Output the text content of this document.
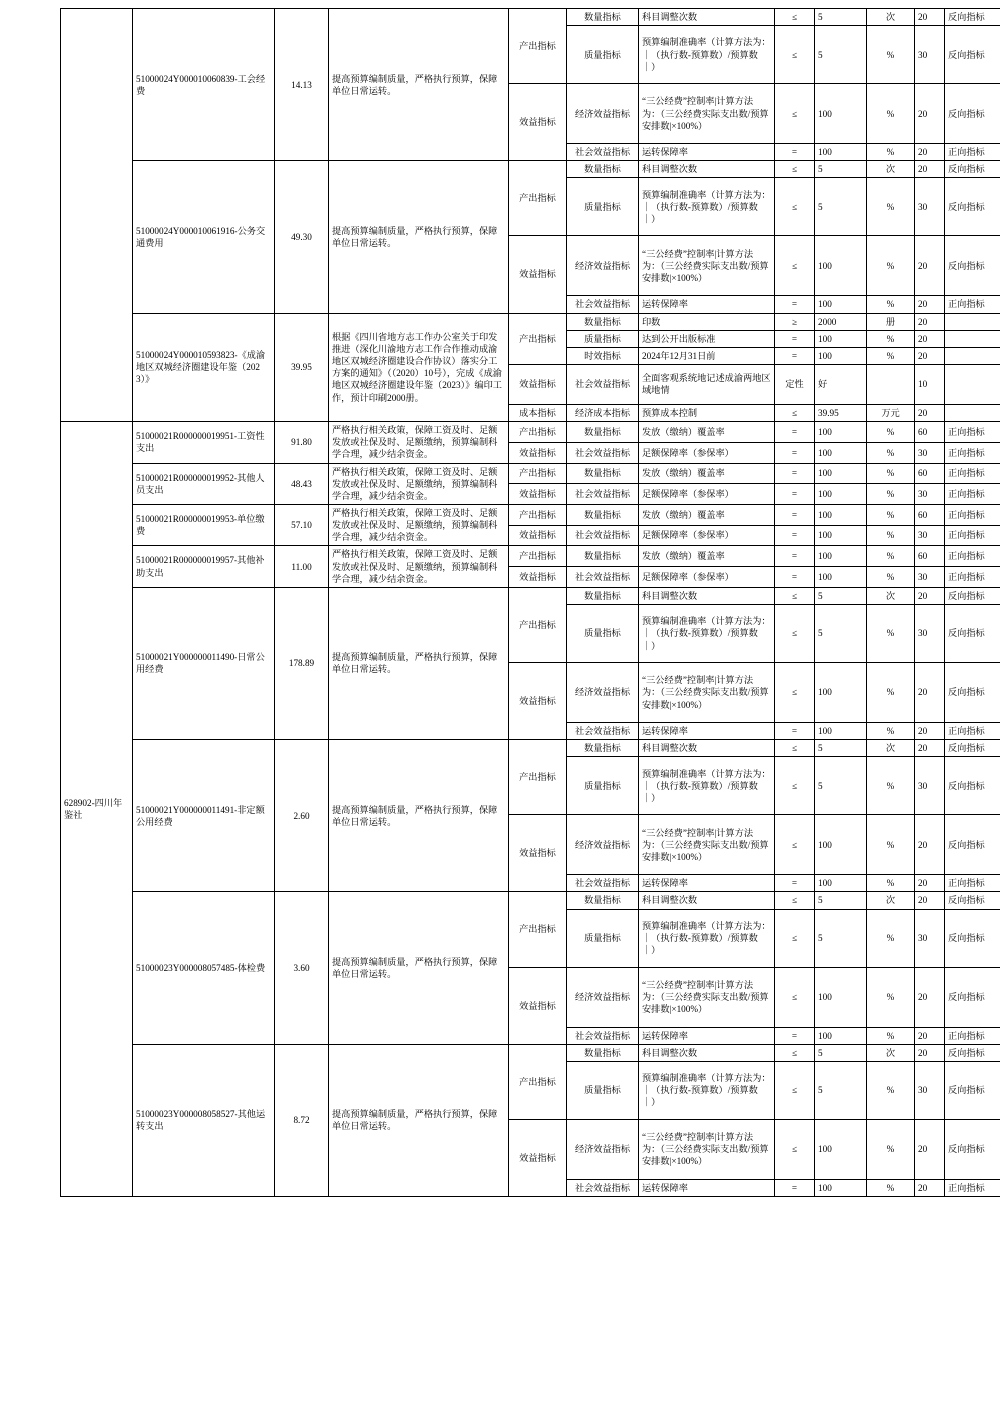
	51000024Y000010060839-工会经费	14.13	提高预算编制质量，严格执行预算，保障单位日常运转。	产出指标	数量指标	科目调整次数	≤	5	次	20	反向指标
					质量指标	预算编制准确率（计算方法为：｜（执行数-预算数）/预算数｜）	≤	5	%	30	反向指标
				效益指标	经济效益指标	“三公经费”控制率|计算方法为：（三公经费实际支出数/预算安排数|×100%）	≤	100	%	20	反向指标
					社会效益指标	运转保障率	=	100	%	20	正向指标
	51000024Y000010061916-公务交通费用	49.30	提高预算编制质量，严格执行预算，保障单位日常运转。	产出指标	数量指标	科目调整次数	≤	5	次	20	反向指标
					质量指标	预算编制准确率（计算方法为：｜（执行数-预算数）/预算数｜）	≤	5	%	30	反向指标
				效益指标	经济效益指标	“三公经费”控制率|计算方法为：（三公经费实际支出数/预算安排数|×100%）	≤	100	%	20	反向指标
					社会效益指标	运转保障率	=	100	%	20	正向指标
	51000024Y000010593823-《成渝地区双城经济圈建设年鉴（2023）》	39.95	根据《四川省地方志工作办公室关于印发推进（深化川渝地方志工作合作推动成渝地区双城经济圈建设合作协议）落实分工方案的通知》（（2020）10号），完成《成渝地区双城经济圈建设年鉴（2023）》编印工作，预计印刷2000册。	产出指标	数量指标	印数	≥	2000	册	20	
					质量指标	达到公开出版标准	=	100	%	20	
					时效指标	2024年12月31日前	=	100	%	20	
				效益指标	社会效益指标	全面客观系统地记述成渝两地区域地情	定性	好		10	
				成本指标	经济成本指标	预算成本控制	≤	39.95	万元	20	
628902-四川年鉴社	51000021R000000019951-工资性支出	91.80	严格执行相关政策，保障工资及时、足额发放或社保及时、足额缴纳，预算编制科学合理，减少结余资金。	产出指标	数量指标	发放（缴纳）覆盖率	=	100	%	60	正向指标
				效益指标	社会效益指标	足额保障率（参保率）	=	100	%	30	正向指标
	51000021R000000019952-其他人员支出	48.43	严格执行相关政策，保障工资及时、足额发放或社保及时、足额缴纳，预算编制科学合理，减少结余资金。	产出指标	数量指标	发放（缴纳）覆盖率	=	100	%	60	正向指标
				效益指标	社会效益指标	足额保障率（参保率）	=	100	%	30	正向指标
	51000021R000000019953-单位缴费	57.10	严格执行相关政策，保障工资及时、足额发放或社保及时、足额缴纳，预算编制科学合理，减少结余资金。	产出指标	数量指标	发放（缴纳）覆盖率	=	100	%	60	正向指标
				效益指标	社会效益指标	足额保障率（参保率）	=	100	%	30	正向指标
	51000021R000000019957-其他补助支出	11.00	严格执行相关政策，保障工资及时、足额发放或社保及时、足额缴纳，预算编制科学合理，减少结余资金。	产出指标	数量指标	发放（缴纳）覆盖率	=	100	%	60	正向指标
				效益指标	社会效益指标	足额保障率（参保率）	=	100	%	30	正向指标
	51000021Y000000011490-日常公用经费	178.89	提高预算编制质量，严格执行预算，保障单位日常运转。	产出指标	数量指标	科目调整次数	≤	5	次	20	反向指标
					质量指标	预算编制准确率（计算方法为：｜（执行数-预算数）/预算数｜）	≤	5	%	30	反向指标
				效益指标	经济效益指标	“三公经费”控制率|计算方法为：（三公经费实际支出数/预算安排数|×100%）	≤	100	%	20	反向指标
					社会效益指标	运转保障率	=	100	%	20	正向指标
	51000021Y000000011491-非定额公用经费	2.60	提高预算编制质量，严格执行预算，保障单位日常运转。	产出指标	数量指标	科目调整次数	≤	5	次	20	反向指标
					质量指标	预算编制准确率（计算方法为：｜（执行数-预算数）/预算数｜）	≤	5	%	30	反向指标
				效益指标	经济效益指标	“三公经费”控制率|计算方法为：（三公经费实际支出数/预算安排数|×100%）	≤	100	%	20	反向指标
					社会效益指标	运转保障率	=	100	%	20	正向指标
	51000023Y000008057485-体检费	3.60	提高预算编制质量，严格执行预算，保障单位日常运转。	产出指标	数量指标	科目调整次数	≤	5	次	20	反向指标
					质量指标	预算编制准确率（计算方法为：｜（执行数-预算数）/预算数｜）	≤	5	%	30	反向指标
				效益指标	经济效益指标	“三公经费”控制率|计算方法为：（三公经费实际支出数/预算安排数|×100%）	≤	100	%	20	反向指标
					社会效益指标	运转保障率	=	100	%	20	正向指标
	51000023Y000008058527-其他运转支出	8.72	提高预算编制质量，严格执行预算，保障单位日常运转。	产出指标	数量指标	科目调整次数	≤	5	次	20	反向指标
					质量指标	预算编制准确率（计算方法为：｜（执行数-预算数）/预算数｜）	≤	5	%	30	反向指标
				效益指标	经济效益指标	“三公经费”控制率|计算方法为：（三公经费实际支出数/预算安排数|×100%）	≤	100	%	20	反向指标
					社会效益指标	运转保障率	=	100	%	20	正向指标
